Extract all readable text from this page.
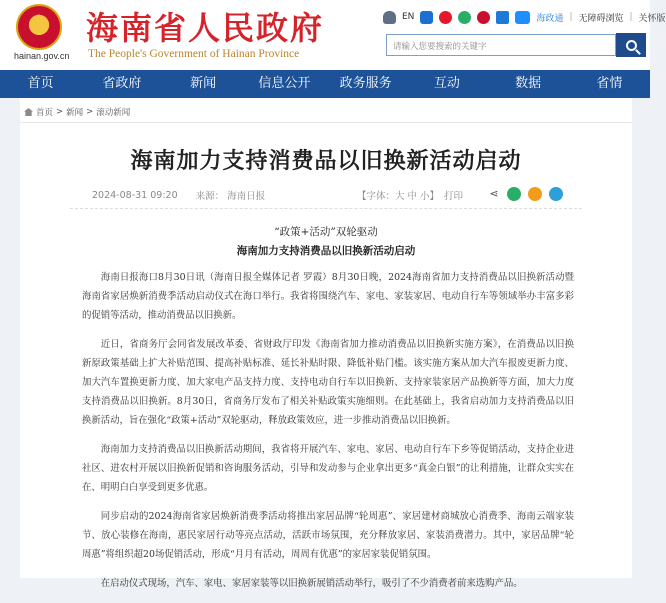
★
hainan.gov.cn
海南省人民政府
The People's Government of Hainan Province
EN	海政通 | 无障碍浏览 | 关怀版
请输入您要搜索的关键字
首页	省政府	新闻	信息公开	政务服务	互动	数据	省情
首页 > 新闻 > 滚动新闻
海南加力支持消费品以旧换新活动启动
2024-08-31 09:20 来源： 海南日报	【字体：大 中 小】 打印 ⋖
“政策+活动”双轮驱动
海南加力支持消费品以旧换新活动启动

海南日报海口8月30日讯（海南日报全媒体记者 罗霞）8月30日晚，2024海南省加力支持消费品以旧换新活动暨海南省家居焕新消费季活动启动仪式在海口举行。我省将围绕汽车、家电、家装家居、电动自行车等领域举办丰富多彩的促销等活动，推动消费品以旧换新。

近日，省商务厅会同省发展改革委、省财政厅印发《海南省加力推动消费品以旧换新实施方案》，在消费品以旧换新原政策基础上扩大补贴范围、提高补贴标准、延长补贴时限、降低补贴门槛。该实施方案从加大汽车报废更新力度、加大汽车置换更新力度、加大家电产品支持力度、支持电动自行车以旧换新、支持家装家居产品换新等方面，加大力度支持消费品以旧换新。8月30日，省商务厅发布了相关补贴政策实施细则。在此基础上，我省启动加力支持消费品以旧换新活动，旨在强化“政策+活动”双轮驱动，释放政策效应，进一步推动消费品以旧换新。

海南加力支持消费品以旧换新活动期间，我省将开展汽车、家电、家居、电动自行车下乡等促销活动，支持企业进社区、进农村开展以旧换新促销和咨询服务活动，引导和发动参与企业拿出更多“真金白银”的让利措施，让群众实实在在、明明白白享受到更多优惠。

同步启动的2024海南省家居焕新消费季活动将推出家居品牌“轮周惠”、家居建材商城放心消费季、海南云端家装节、放心装修在海南，惠民家居行动等亮点活动，活跃市场氛围，充分释放家居、家装消费潜力。其中，家居品牌“轮周惠”将组织超20场促销活动，形成“月月有活动，周周有优惠”的家居家装促销氛围。

在启动仪式现场，汽车、家电、家居家装等以旧换新展销活动举行，吸引了不少消费者前来选购产品。
